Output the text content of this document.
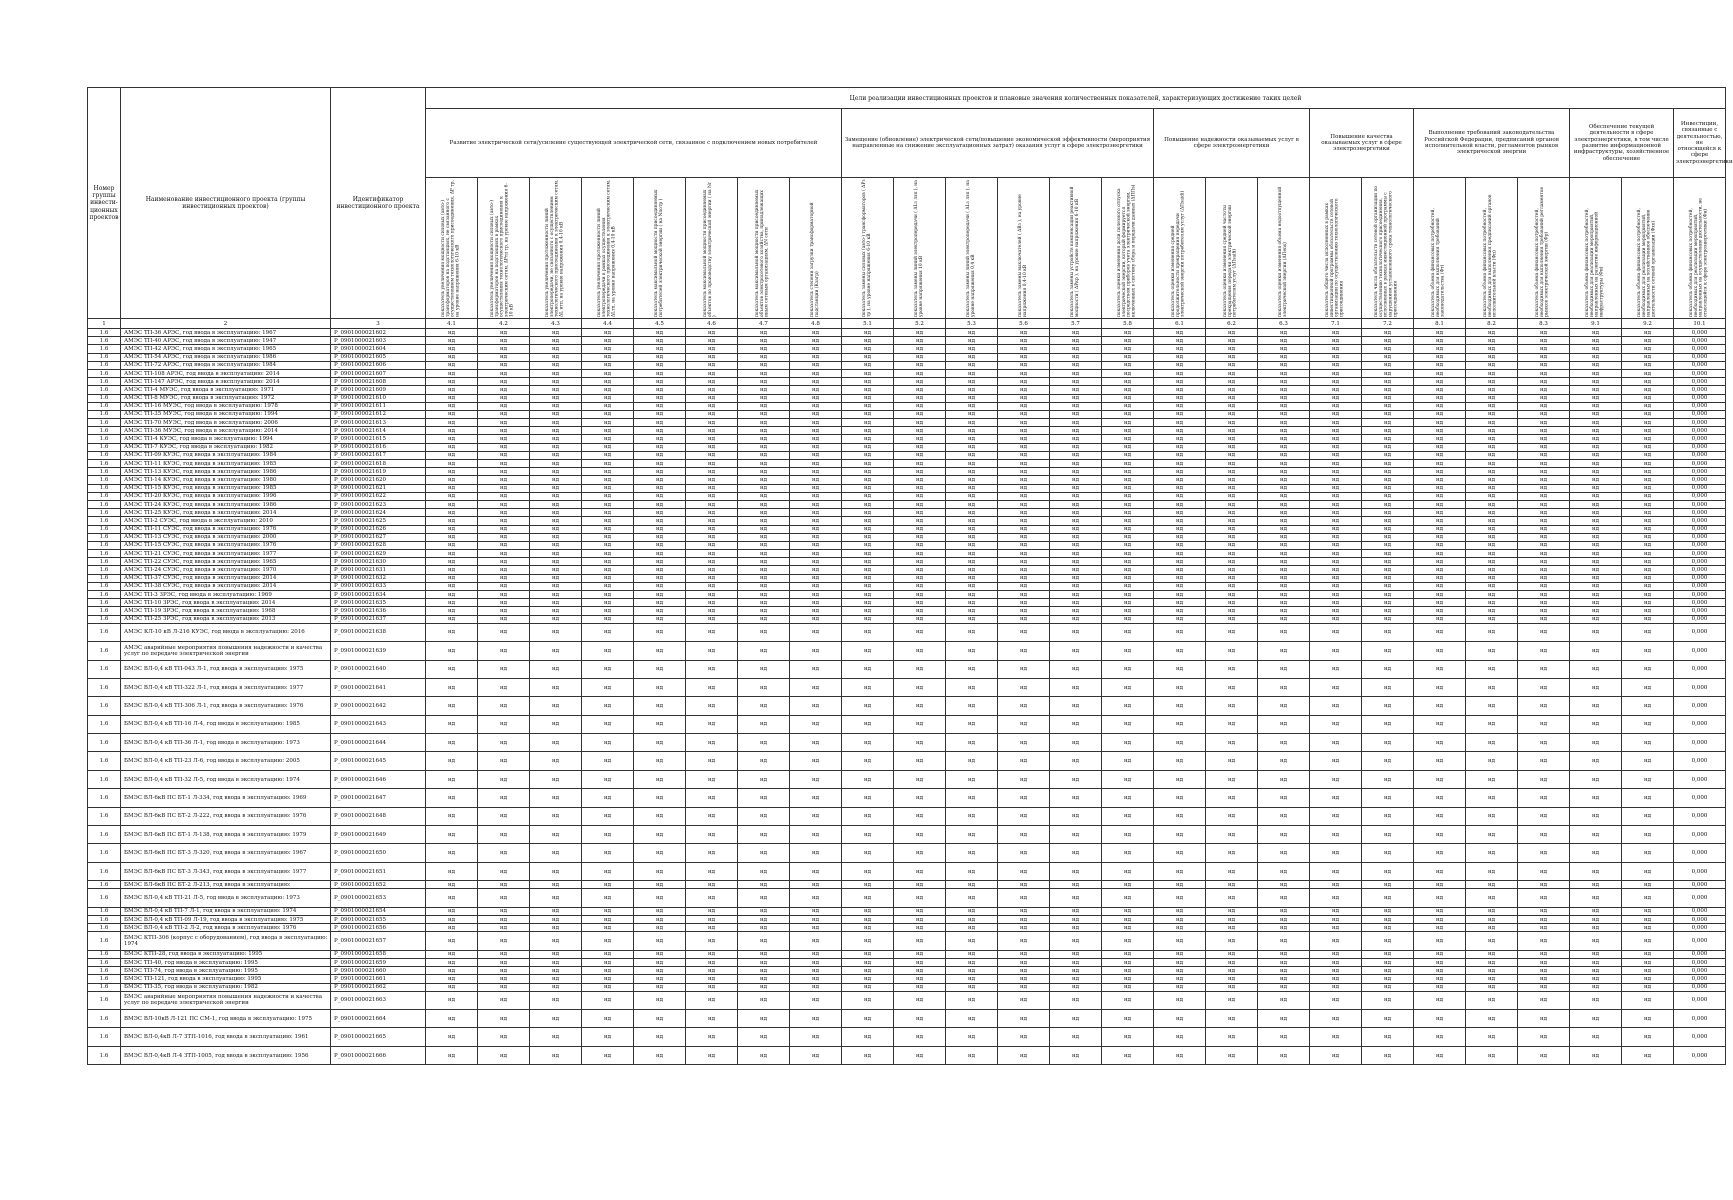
Номер группы инвести-ционных проектов	Наименование инвестиционного проекта (группы инвестиционных проектов)	Идентификатор инвестиционного проекта	Цели реализации инвестиционных проектов и плановые значения количественных показателей, характеризующих достижение таких целей																								
			Развитие электрической сети/усиление существующей электрической сети, связанное с подключением новых потребителей								Замещение (обновление) электрической сети/повышение экономической эффективности (мероприятия направленные на снижение эксплуатационных затрат) оказания услуг в сфере электроэнергетики						Повышение надежности оказываемых услуг в сфере электроэнергетики			Повышение качества оказываемых услуг в сфере электроэнергетики		Выполнение требований законодательства Российской Федерации, предписаний органов исполнительной власти, регламентов рынков электрической энергии			Обеспечение текущей деятельности в сфере электроэнергетики, в том числе развитие информационной инфраструктуры, хозяйственное обеспечение		Инвестиции, связанные с деятельностью, не относящейся к сфере электроэнергетики

			показатель увеличения мощности силовых (авто-) трансформаторов на подстанциях, не связанного с осуществлением технологического присоединения, ΔP тр, на уровне напряжения 6-10 кВ	показатель увеличения мощности силовых (авто-) трансформаторов на подстанциях в рамках осуществления технологического присоединения к электрическим сетям, ΔPтп тр, на уровне напряжения 6-10 кВ	показатель увеличения протяженности линий электропередачи, не связанного с осуществлением технологического присоединения к электрическим сетям, ΔL нтп, на уровне напряжения 0,4-10 кВ	показатель увеличения протяженности линий электропередачи в рамках осуществления технологического присоединения к электрическим сетям, ΔLтп, на уровне напряжения 0,4-10 кВ	показатель максимальной мощности присоединяемых потребителей электрической энергии ( на Nпотр )	показатель максимальной мощности присоединяемых объектов по производству электрической энергии ( на Nг )	показатель максимальной мощности присоединяемых объектов электросетевого хозяйства, принадлежащих иным сетевым организациям, ΔN сети	показатель степени загрузки трансформаторной подстанции (Кзагр)	показатель замены силовых (авто-) трансформаторов ( ΔPз тр ), на уровне напряжения 6-10 кВ	показатель замены линий электропередачи ( ΔLз лэп ), на уровне напряжения 10 кВ	показатель замены линий электропередачи ( ΔLз лэп ), на уровне напряжения 0,4 кВ	показатель замены выключателей ( ΔBз ), на уровне напряжения 0,4-10 кВ	показатель замены устройств компенсации реактивной мощности ( ΔРкр ), на уровне напряжения 6-10 кВ	показатель оценки изменения доли полезного отпуска электрической энергии, который формируется посредством приборов учета электрической энергии, включенных в систему сбора и передачи данных (ΔППэ)	показатель оценки изменения средней продолжительности прекращения передачи электрической энергии потребителям услуг (ΔПsaidi)	показатель оценки изменения средней частоты прекращения передачи электрической энергии потребителям услуг (ΔПsaifi)	показатель оценки изменения объема недоотпущенной электрической энергии (ΔПens)	показатель общего числа исполненных в рамках инвестиционной программы обязательств сетевой организации по осуществлению технологического присоединения	показатель числа обязательств сетевой организации по осуществлению технологического присоединения, исполненных в рамках инвестиционной программы с нарушением установленного срока технологического присоединения	показатель объема финансовых потребностей, необходимых для выполнения требований законодательства (Фт)	показатель объема финансовых потребностей, необходимых для выполнения предписаний органов исполнительной власти (Фп)	показатель объема финансовых потребностей, необходимых для выполнения требований регламентов рынков электрической энергии (Фр)	показатель объема финансовых потребностей, необходимых для реализации мероприятий, направленных на развитие информационной инфраструктуры (Фи)	показатель объема финансовых потребностей, необходимых для реализации мероприятий, направленных на хозяйственное обеспечение деятельности сетевой организации (Фхо)	показатель объема финансовых потребностей, необходимых для реализации мероприятий, направленных на осуществление деятельности, не относящейся к сфере электроэнергетики (Фн)

1	2	3	4.1	4.2	4.3	4.4	4.5	4.6	4.7	4.8	5.1	5.2	5.3	5.6	5.7	5.8	6.1	6.2	6.3	7.1	7.2	8.1	8.2	8.3	9.1	9.2	10.1
1.6	АМЭС ТП-36 АРЭС, год ввода в эксплуатацию: 1967	P_0901000021602	нд	нд	нд	нд	нд	нд	нд	нд	нд	нд	нд	нд	нд	нд	нд	нд	нд	нд	нд	нд	нд	нд	нд	нд	0,000
1.6	АМЭС ТП-40 АРЭС, год ввода в эксплуатацию: 1947	P_0901000021603	нд	нд	нд	нд	нд	нд	нд	нд	нд	нд	нд	нд	нд	нд	нд	нд	нд	нд	нд	нд	нд	нд	нд	нд	0,000
1.6	АМЭС ТП-42 АРЭС, год ввода в эксплуатацию: 1965	P_0901000021604	нд	нд	нд	нд	нд	нд	нд	нд	нд	нд	нд	нд	нд	нд	нд	нд	нд	нд	нд	нд	нд	нд	нд	нд	0,000
1.6	АМЭС ТП-54 АРЭС, год ввода в эксплуатацию: 1986	P_0901000021605	нд	нд	нд	нд	нд	нд	нд	нд	нд	нд	нд	нд	нд	нд	нд	нд	нд	нд	нд	нд	нд	нд	нд	нд	0,000
1.6	АМЭС ТП-72 АРЭС, год ввода в эксплуатацию: 1984	P_0901000021606	нд	нд	нд	нд	нд	нд	нд	нд	нд	нд	нд	нд	нд	нд	нд	нд	нд	нд	нд	нд	нд	нд	нд	нд	0,000
1.6	АМЭС ТП-108 АРЭС, год ввода в эксплуатацию: 2014	P_0901000021607	нд	нд	нд	нд	нд	нд	нд	нд	нд	нд	нд	нд	нд	нд	нд	нд	нд	нд	нд	нд	нд	нд	нд	нд	0,000
1.6	АМЭС ТП-147 АРЭС, год ввода в эксплуатацию: 2014	P_0901000021608	нд	нд	нд	нд	нд	нд	нд	нд	нд	нд	нд	нд	нд	нд	нд	нд	нд	нд	нд	нд	нд	нд	нд	нд	0,000
1.6	АМЭС ТП-4 МУЭС, год ввода в эксплуатацию: 1971	P_0901000021609	нд	нд	нд	нд	нд	нд	нд	нд	нд	нд	нд	нд	нд	нд	нд	нд	нд	нд	нд	нд	нд	нд	нд	нд	0,000
1.6	АМЭС ТП-8 МУЭС, год ввода в эксплуатацию: 1972	P_0901000021610	нд	нд	нд	нд	нд	нд	нд	нд	нд	нд	нд	нд	нд	нд	нд	нд	нд	нд	нд	нд	нд	нд	нд	нд	0,000
1.6	АМЭС ТП-16 МУЭС, год ввода в эксплуатацию: 1978	P_0901000021611	нд	нд	нд	нд	нд	нд	нд	нд	нд	нд	нд	нд	нд	нд	нд	нд	нд	нд	нд	нд	нд	нд	нд	нд	0,000
1.6	АМЭС ТП-35 МУЭС, год ввода в эксплуатацию: 1994	P_0901000021612	нд	нд	нд	нд	нд	нд	нд	нд	нд	нд	нд	нд	нд	нд	нд	нд	нд	нд	нд	нд	нд	нд	нд	нд	0,000
1.6	АМЭС ТП-70 МУЭС, год ввода в эксплуатацию: 2006	P_0901000021613	нд	нд	нд	нд	нд	нд	нд	нд	нд	нд	нд	нд	нд	нд	нд	нд	нд	нд	нд	нд	нд	нд	нд	нд	0,000
1.6	АМЭС ТП-36 МУЭС, год ввода в эксплуатацию: 2014	P_0901000021614	нд	нд	нд	нд	нд	нд	нд	нд	нд	нд	нд	нд	нд	нд	нд	нд	нд	нд	нд	нд	нд	нд	нд	нд	0,000
1.6	АМЭС ТП-4 КУЭС, год ввода в эксплуатацию: 1994	P_0901000021615	нд	нд	нд	нд	нд	нд	нд	нд	нд	нд	нд	нд	нд	нд	нд	нд	нд	нд	нд	нд	нд	нд	нд	нд	0,000
1.6	АМЭС ТП-7 КУЭС, год ввода в эксплуатацию: 1982	P_0901000021616	нд	нд	нд	нд	нд	нд	нд	нд	нд	нд	нд	нд	нд	нд	нд	нд	нд	нд	нд	нд	нд	нд	нд	нд	0,000
1.6	АМЭС ТП-09 КУЭС, год ввода в эксплуатацию: 1984	P_0901000021617	нд	нд	нд	нд	нд	нд	нд	нд	нд	нд	нд	нд	нд	нд	нд	нд	нд	нд	нд	нд	нд	нд	нд	нд	0,000
1.6	АМЭС ТП-11 КУЭС, год ввода в эксплуатацию: 1985	P_0901000021618	нд	нд	нд	нд	нд	нд	нд	нд	нд	нд	нд	нд	нд	нд	нд	нд	нд	нд	нд	нд	нд	нд	нд	нд	0,000
1.6	АМЭС ТП-13 КУЭС, год ввода в эксплуатацию: 1986	P_0901000021619	нд	нд	нд	нд	нд	нд	нд	нд	нд	нд	нд	нд	нд	нд	нд	нд	нд	нд	нд	нд	нд	нд	нд	нд	0,000
1.6	АМЭС ТП-14 КУЭС, год ввода в эксплуатацию: 1980	P_0901000021620	нд	нд	нд	нд	нд	нд	нд	нд	нд	нд	нд	нд	нд	нд	нд	нд	нд	нд	нд	нд	нд	нд	нд	нд	0,000
1.6	АМЭС ТП-15 КУЭС, год ввода в эксплуатацию: 1985	P_0901000021621	нд	нд	нд	нд	нд	нд	нд	нд	нд	нд	нд	нд	нд	нд	нд	нд	нд	нд	нд	нд	нд	нд	нд	нд	0,000
1.6	АМЭС ТП-20 КУЭС, год ввода в эксплуатацию: 1996	P_0901000021622	нд	нд	нд	нд	нд	нд	нд	нд	нд	нд	нд	нд	нд	нд	нд	нд	нд	нд	нд	нд	нд	нд	нд	нд	0,000
1.6	АМЭС ТП-24 КУЭС, год ввода в эксплуатацию: 1986	P_0901000021623	нд	нд	нд	нд	нд	нд	нд	нд	нд	нд	нд	нд	нд	нд	нд	нд	нд	нд	нд	нд	нд	нд	нд	нд	0,000
1.6	АМЭС ТП-25 КУЭС, год ввода в эксплуатацию: 2014	P_0901000021624	нд	нд	нд	нд	нд	нд	нд	нд	нд	нд	нд	нд	нд	нд	нд	нд	нд	нд	нд	нд	нд	нд	нд	нд	0,000
1.6	АМЭС ТП-2 СУЭС, год ввода в эксплуатацию: 2010	P_0901000021625	нд	нд	нд	нд	нд	нд	нд	нд	нд	нд	нд	нд	нд	нд	нд	нд	нд	нд	нд	нд	нд	нд	нд	нд	0,000
1.6	АМЭС ТП-11 СУЭС, год ввода в эксплуатацию: 1976	P_0901000021626	нд	нд	нд	нд	нд	нд	нд	нд	нд	нд	нд	нд	нд	нд	нд	нд	нд	нд	нд	нд	нд	нд	нд	нд	0,000
1.6	АМЭС ТП-13 СУЭС, год ввода в эксплуатацию: 2000	P_0901000021627	нд	нд	нд	нд	нд	нд	нд	нд	нд	нд	нд	нд	нд	нд	нд	нд	нд	нд	нд	нд	нд	нд	нд	нд	0,000
1.6	АМЭС ТП-15 СУЭС, год ввода в эксплуатацию: 1976	P_0901000021628	нд	нд	нд	нд	нд	нд	нд	нд	нд	нд	нд	нд	нд	нд	нд	нд	нд	нд	нд	нд	нд	нд	нд	нд	0,000
1.6	АМЭС ТП-21 СУЭС, год ввода в эксплуатацию: 1977	P_0901000021629	нд	нд	нд	нд	нд	нд	нд	нд	нд	нд	нд	нд	нд	нд	нд	нд	нд	нд	нд	нд	нд	нд	нд	нд	0,000
1.6	АМЭС ТП-22 СУЭС, год ввода в эксплуатацию: 1965	P_0901000021630	нд	нд	нд	нд	нд	нд	нд	нд	нд	нд	нд	нд	нд	нд	нд	нд	нд	нд	нд	нд	нд	нд	нд	нд	0,000
1.6	АМЭС ТП-24 СУЭС, год ввода в эксплуатацию: 1970	P_0901000021631	нд	нд	нд	нд	нд	нд	нд	нд	нд	нд	нд	нд	нд	нд	нд	нд	нд	нд	нд	нд	нд	нд	нд	нд	0,000
1.6	АМЭС ТП-37 СУЭС, год ввода в эксплуатацию: 2014	P_0901000021632	нд	нд	нд	нд	нд	нд	нд	нд	нд	нд	нд	нд	нд	нд	нд	нд	нд	нд	нд	нд	нд	нд	нд	нд	0,000
1.6	АМЭС ТП-38 СУЭС, год ввода в эксплуатацию: 2014	P_0901000021633	нд	нд	нд	нд	нд	нд	нд	нд	нд	нд	нд	нд	нд	нд	нд	нд	нд	нд	нд	нд	нд	нд	нд	нд	0,000
1.6	АМЭС ТП-3 ЗРЭС, год ввода в эксплуатацию: 1969	P_0901000021634	нд	нд	нд	нд	нд	нд	нд	нд	нд	нд	нд	нд	нд	нд	нд	нд	нд	нд	нд	нд	нд	нд	нд	нд	0,000
1.6	АМЭС ТП-10 ЗРЭС, год ввода в эксплуатацию: 2014	P_0901000021635	нд	нд	нд	нд	нд	нд	нд	нд	нд	нд	нд	нд	нд	нд	нд	нд	нд	нд	нд	нд	нд	нд	нд	нд	0,000
1.6	АМЭС ТП-19 ЗРЭС, год ввода в эксплуатацию: 1968	P_0901000021636	нд	нд	нд	нд	нд	нд	нд	нд	нд	нд	нд	нд	нд	нд	нд	нд	нд	нд	нд	нд	нд	нд	нд	нд	0,000
1.6	АМЭС ТП-25 ЗРЭС, год ввода в эксплуатацию: 2013	P_0901000021637	нд	нд	нд	нд	нд	нд	нд	нд	нд	нд	нд	нд	нд	нд	нд	нд	нд	нд	нд	нд	нд	нд	нд	нд	0,000
1.6	АМЭС КЛ-10 кВ Л-216 КУЭС, год ввода в эксплуатацию: 2016	P_0901000021638	нд	нд	нд	нд	нд	нд	нд	нд	нд	нд	нд	нд	нд	нд	нд	нд	нд	нд	нд	нд	нд	нд	нд	нд	0,000
1.6	АМЭС аварийные мероприятия повышения надежности и качества услуг по передаче электрической энергии	P_0901000021639	нд	нд	нд	нд	нд	нд	нд	нд	нд	нд	нд	нд	нд	нд	нд	нд	нд	нд	нд	нд	нд	нд	нд	нд	0,000
1.6	БМЭС ВЛ-0,4 кВ ТП-043 Л-1, год ввода в эксплуатацию: 1975	P_0901000021640	нд	нд	нд	нд	нд	нд	нд	нд	нд	нд	нд	нд	нд	нд	нд	нд	нд	нд	нд	нд	нд	нд	нд	нд	0,000
1.6	БМЭС ВЛ-0,4 кВ ТП-322 Л-1, год ввода в эксплуатацию: 1977	P_0901000021641	нд	нд	нд	нд	нд	нд	нд	нд	нд	нд	нд	нд	нд	нд	нд	нд	нд	нд	нд	нд	нд	нд	нд	нд	0,000
1.6	БМЭС ВЛ-0,4 кВ ТП-306 Л-1, год ввода в эксплуатацию: 1976	P_0901000021642	нд	нд	нд	нд	нд	нд	нд	нд	нд	нд	нд	нд	нд	нд	нд	нд	нд	нд	нд	нд	нд	нд	нд	нд	0,000
1.6	БМЭС ВЛ-0,4 кВ ТП-16 Л-4, год ввода в эксплуатацию: 1985	P_0901000021643	нд	нд	нд	нд	нд	нд	нд	нд	нд	нд	нд	нд	нд	нд	нд	нд	нд	нд	нд	нд	нд	нд	нд	нд	0,000
1.6	БМЭС ВЛ-0,4 кВ ТП-36 Л-1, год ввода в эксплуатацию: 1973	P_0901000021644	нд	нд	нд	нд	нд	нд	нд	нд	нд	нд	нд	нд	нд	нд	нд	нд	нд	нд	нд	нд	нд	нд	нд	нд	0,000
1.6	БМЭС ВЛ-0,4 кВ ТП-23 Л-6, год ввода в эксплуатацию: 2005	P_0901000021645	нд	нд	нд	нд	нд	нд	нд	нд	нд	нд	нд	нд	нд	нд	нд	нд	нд	нд	нд	нд	нд	нд	нд	нд	0,000
1.6	БМЭС ВЛ-0,4 кВ ТП-32 Л-5, год ввода в эксплуатацию: 1974	P_0901000021646	нд	нд	нд	нд	нд	нд	нд	нд	нд	нд	нд	нд	нд	нд	нд	нд	нд	нд	нд	нд	нд	нд	нд	нд	0,000
1.6	БМЭС ВЛ-6кВ ПС БТ-1 Л-334, год ввода в эксплуатацию: 1969	P_0901000021647	нд	нд	нд	нд	нд	нд	нд	нд	нд	нд	нд	нд	нд	нд	нд	нд	нд	нд	нд	нд	нд	нд	нд	нд	0,000
1.6	БМЭС ВЛ-6кВ ПС БТ-2 Л-222, год ввода в эксплуатацию: 1976	P_0901000021648	нд	нд	нд	нд	нд	нд	нд	нд	нд	нд	нд	нд	нд	нд	нд	нд	нд	нд	нд	нд	нд	нд	нд	нд	0,000
1.6	БМЭС ВЛ-6кВ ПС БТ-1 Л-138, год ввода в эксплуатацию: 1979	P_0901000021649	нд	нд	нд	нд	нд	нд	нд	нд	нд	нд	нд	нд	нд	нд	нд	нд	нд	нд	нд	нд	нд	нд	нд	нд	0,000
1.6	БМЭС ВЛ-6кВ ПС БТ-3 Л-320, год ввода в эксплуатацию: 1967	P_0901000021650	нд	нд	нд	нд	нд	нд	нд	нд	нд	нд	нд	нд	нд	нд	нд	нд	нд	нд	нд	нд	нд	нд	нд	нд	0,000
1.6	БМЭС ВЛ-6кВ ПС БТ-3 Л-343, год ввода в эксплуатацию: 1977	P_0901000021651	нд	нд	нд	нд	нд	нд	нд	нд	нд	нд	нд	нд	нд	нд	нд	нд	нд	нд	нд	нд	нд	нд	нд	нд	0,000
1.6	БМЭС ВЛ-6кВ ПС БТ-2 Л-213, год ввода в эксплуатацию:	P_0901000021652	нд	нд	нд	нд	нд	нд	нд	нд	нд	нд	нд	нд	нд	нд	нд	нд	нд	нд	нд	нд	нд	нд	нд	нд	0,000
1.6	БМЭС ВЛ-0,4 кВ ТП-21 Л-5, год ввода в эксплуатацию: 1973	P_0901000021653	нд	нд	нд	нд	нд	нд	нд	нд	нд	нд	нд	нд	нд	нд	нд	нд	нд	нд	нд	нд	нд	нд	нд	нд	0,000
1.6	БМЭС ВЛ-0,4 кВ ТП-7 Л-1, год ввода в эксплуатацию: 1974	P_0901000021654	нд	нд	нд	нд	нд	нд	нд	нд	нд	нд	нд	нд	нд	нд	нд	нд	нд	нд	нд	нд	нд	нд	нд	нд	0,000
1.6	БМЭС ВЛ-0,4 кВ ТП-09 Л-19, год ввода в эксплуатацию: 1975	P_0901000021655	нд	нд	нд	нд	нд	нд	нд	нд	нд	нд	нд	нд	нд	нд	нд	нд	нд	нд	нд	нд	нд	нд	нд	нд	0,000
1.6	БМЭС ВЛ-0,4 кВ ТП-2 Л-2, год ввода в эксплуатацию: 1976	P_0901000021656	нд	нд	нд	нд	нд	нд	нд	нд	нд	нд	нд	нд	нд	нд	нд	нд	нд	нд	нд	нд	нд	нд	нд	нд	0,000
1.6	БМЭС КТП-306 (корпус с оборудованием), год ввода в эксплуатацию: 1974	P_0901000021657	нд	нд	нд	нд	нд	нд	нд	нд	нд	нд	нд	нд	нд	нд	нд	нд	нд	нд	нд	нд	нд	нд	нд	нд	0,000
1.6	БМЭС КТП-28, год ввода в эксплуатацию: 1995	P_0901000021658	нд	нд	нд	нд	нд	нд	нд	нд	нд	нд	нд	нд	нд	нд	нд	нд	нд	нд	нд	нд	нд	нд	нд	нд	0,000
1.6	БМЭС ТП-40, год ввода в эксплуатацию: 1995	P_0901000021659	нд	нд	нд	нд	нд	нд	нд	нд	нд	нд	нд	нд	нд	нд	нд	нд	нд	нд	нд	нд	нд	нд	нд	нд	0,000
1.6	БМЭС ТП-74, год ввода в эксплуатацию: 1995	P_0901000021660	нд	нд	нд	нд	нд	нд	нд	нд	нд	нд	нд	нд	нд	нд	нд	нд	нд	нд	нд	нд	нд	нд	нд	нд	0,000
1.6	БМЭС ТП-121, год ввода в эксплуатацию: 1995	P_0901000021661	нд	нд	нд	нд	нд	нд	нд	нд	нд	нд	нд	нд	нд	нд	нд	нд	нд	нд	нд	нд	нд	нд	нд	нд	0,000
1.6	БМЭС ТП-35, год ввода в эксплуатацию: 1982	P_0901000021662	нд	нд	нд	нд	нд	нд	нд	нд	нд	нд	нд	нд	нд	нд	нд	нд	нд	нд	нд	нд	нд	нд	нд	нд	0,000
1.6	БМЭС аварийные мероприятия повышения надежности и качества услуг по передаче электрической энергии	P_0901000021663	нд	нд	нд	нд	нд	нд	нд	нд	нд	нд	нд	нд	нд	нд	нд	нд	нд	нд	нд	нд	нд	нд	нд	нд	0,000
1.6	ВМЭС ВЛ-10кВ Л-121 ПС СМ-1, год ввода в эксплуатацию: 1975	P_0901000021664	нд	нд	нд	нд	нд	нд	нд	нд	нд	нд	нд	нд	нд	нд	нд	нд	нд	нд	нд	нд	нд	нд	нд	нд	0,000
1.6	ВМЭС ВЛ-0,4кВ Л-7 ЗТП-1016, год ввода в эксплуатацию: 1961	P_0901000021665	нд	нд	нд	нд	нд	нд	нд	нд	нд	нд	нд	нд	нд	нд	нд	нд	нд	нд	нд	нд	нд	нд	нд	нд	0,000
1.6	ВМЭС ВЛ-0,4кВ Л-4 ЗТП-1005, год ввода в эксплуатацию: 1956	P_0901000021666	нд	нд	нд	нд	нд	нд	нд	нд	нд	нд	нд	нд	нд	нд	нд	нд	нд	нд	нд	нд	нд	нд	нд	нд	0,000
